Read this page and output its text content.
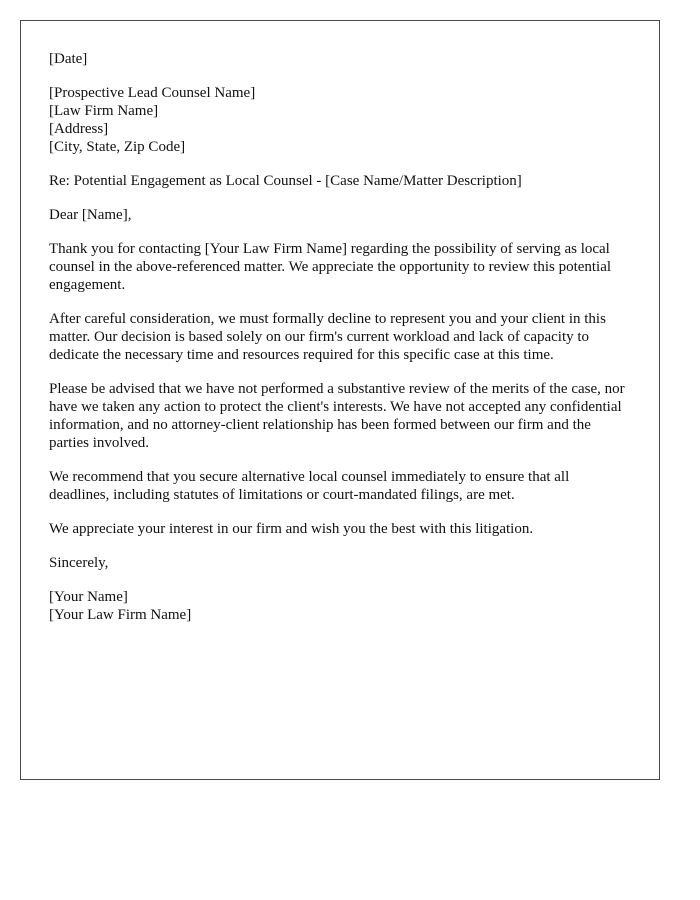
[Date]
[Prospective Lead Counsel Name]
[Law Firm Name]
[Address]
[City, State, Zip Code]
Re: Potential Engagement as Local Counsel - [Case Name/Matter Description]
Dear [Name],

Thank you for contacting [Your Law Firm Name] regarding the possibility of serving as local counsel in the above-referenced matter. We appreciate the opportunity to review this potential engagement.

After careful consideration, we must formally decline to represent you and your client in this matter. Our decision is based solely on our firm's current workload and lack of capacity to dedicate the necessary time and resources required for this specific case at this time.

Please be advised that we have not performed a substantive review of the merits of the case, nor have we taken any action to protect the client's interests. We have not accepted any confidential information, and no attorney-client relationship has been formed between our firm and the parties involved.

We recommend that you secure alternative local counsel immediately to ensure that all deadlines, including statutes of limitations or court-mandated filings, are met.

We appreciate your interest in our firm and wish you the best with this litigation.

Sincerely,
[Your Name]
[Your Law Firm Name]
